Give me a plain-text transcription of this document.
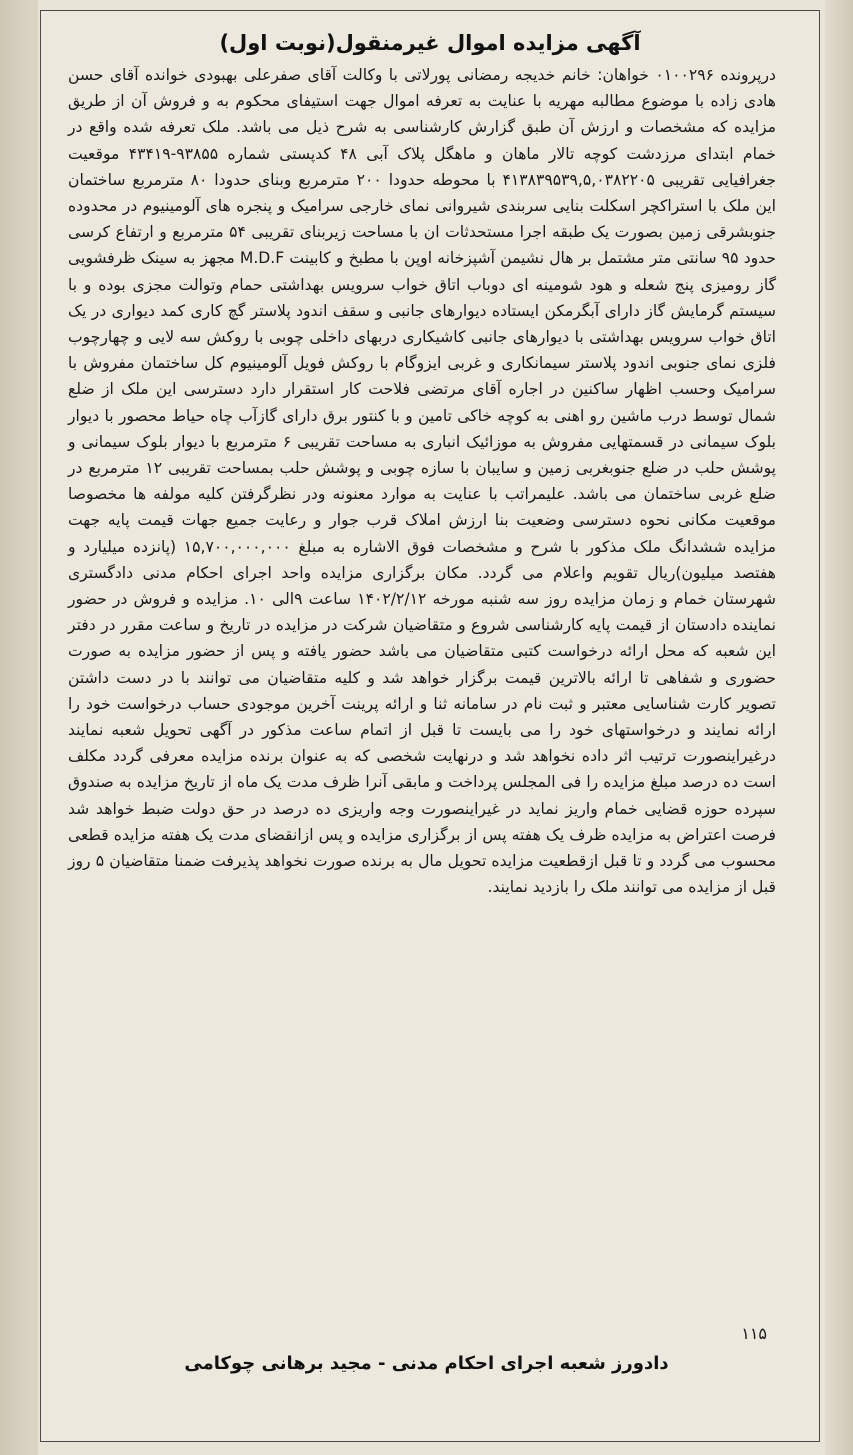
آگهی مزایده اموال غیرمنقول(نوبت اول)
درپرونده ۰۱۰۰۲۹۶ خواهان: خانم خدیجه رمضانی پورلاتی با وکالت آقای صفرعلی بهبودی خوانده آقای حسن هادی زاده با موضوع مطالبه مهریه با عنایت به تعرفه اموال جهت استیفای محکوم به و فروش آن از طریق مزایده که مشخصات و ارزش آن طبق گزارش کارشناسی به شرح ذیل می باشد. ملک تعرفه شده واقع در خمام ابتدای مرزدشت کوچه تالار ماهان و ماهگل پلاک آبی ۴۸ کدپستی شماره ۹۳۸۵۵-۴۳۴۱۹ موقعیت جغرافیایی تقریبی ۴۱۳۸۳۹۵۳۹,۵,۰۳۸۲۲۰۵ با محوطه حدودا ۲۰۰ مترمربع وبنای حدودا ۸۰ مترمربع ساختمان این ملک با استراکچر اسکلت بنایی سربندی شیروانی نمای خارجی سرامیک و پنجره های آلومینیوم در محدوده جنوبشرقی زمین بصورت یک طبقه اجرا مستحدثات ان با مساحت زیربنای تقریبی ۵۴ مترمربع و ارتفاع کرسی حدود ۹۵ سانتی متر مشتمل بر هال نشیمن آشپزخانه اوپن با مطبخ و کابینت M.D.F مجهز به سینک ظرفشویی گاز رومیزی پنج شعله و هود شومینه ای دوباب اتاق خواب سرویس بهداشتی حمام وتوالت مجزی بوده و با سیستم گرمایش گاز دارای آبگرمکن ایستاده دیوارهای جانبی و سقف اندود پلاستر گچ کاری کمد دیواری در یک اتاق خواب سرویس بهداشتی با دیوارهای جانبی کاشیکاری دربهای داخلی چوبی با روکش سه لایی و چهارچوب فلزی نمای جنوبی اندود پلاستر سیمانکاری و غربی ایزوگام با روکش فویل آلومینیوم کل ساختمان مفروش با سرامیک وحسب اظهار ساکنین در اجاره آقای مرتضی فلاحت کار استقرار دارد دسترسی این ملک از ضلع شمال توسط درب ماشین رو اهنی به کوچه خاکی تامین و با کنتور برق دارای گازآب چاه حیاط محصور با دیوار بلوک سیمانی در قسمتهایی مفروش به موزائیک انباری به مساحت تقریبی ۶ مترمربع با دیوار بلوک سیمانی و پوشش حلب در ضلع جنوبغربی زمین و سایبان با سازه چوبی و پوشش حلب بمساحت تقریبی ۱۲ مترمربع در ضلع غربی ساختمان می باشد. علیمراتب با عنایت به موارد معنونه ودر نظرگرفتن کلیه مولفه ها مخصوصا موقعیت مکانی نحوه دسترسی وضعیت بنا ارزش املاک قرب جوار و رعایت جمیع جهات قیمت پایه جهت مزایده ششدانگ ملک مذکور با شرح و مشخصات فوق الاشاره به مبلغ ۱۵,۷۰۰,۰۰۰,۰۰۰ (پانزده میلیارد و هفتصد میلیون)ریال تقویم واعلام می گردد. مکان برگزاری مزایده واحد اجرای احکام مدنی دادگستری شهرستان خمام و زمان مزایده روز سه شنبه مورخه ۱۴۰۲/۲/۱۲ ساعت ۹الی ۱۰. مزایده و فروش در حضور نماینده دادستان از قیمت پایه کارشناسی شروع و متقاضیان شرکت در مزایده در تاریخ و ساعت مقرر در دفتر این شعبه که محل ارائه درخواست کتبی متقاضیان می باشد حضور یافته و پس از حضور مزایده به صورت حضوری و شفاهی تا ارائه بالاترین قیمت برگزار خواهد شد و کلیه متقاضیان می توانند با در دست داشتن تصویر کارت شناسایی معتبر و ثبت نام در سامانه ثنا و ارائه پرینت آخرین موجودی حساب درخواست خود را ارائه نمایند و درخواستهای خود را می بایست تا قبل از اتمام ساعت مذکور در آگهی تحویل شعبه نمایند درغیراینصورت ترتیب اثر داده نخواهد شد و درنهایت شخصی که به عنوان برنده مزایده معرفی گردد مکلف است ده درصد مبلغ مزایده را فی المجلس پرداخت و مابقی آنرا ظرف مدت یک ماه از تاریخ مزایده به صندوق سپرده حوزه قضایی خمام واریز نماید در غیراینصورت وجه واریزی ده درصد در حق دولت ضبط خواهد شد فرصت اعتراض به مزایده ظرف یک هفته پس از برگزاری مزایده و پس ازانقضای مدت یک هفته مزایده قطعی محسوب می گردد و تا قبل ازقطعیت مزایده تحویل مال به برنده صورت نخواهد پذیرفت ضمنا متقاضیان ۵ روز قبل از مزایده می توانند ملک را بازدید نمایند.
۱۱۵
دادورز شعبه اجرای احکام مدنی - مجید برهانی چوکامی
